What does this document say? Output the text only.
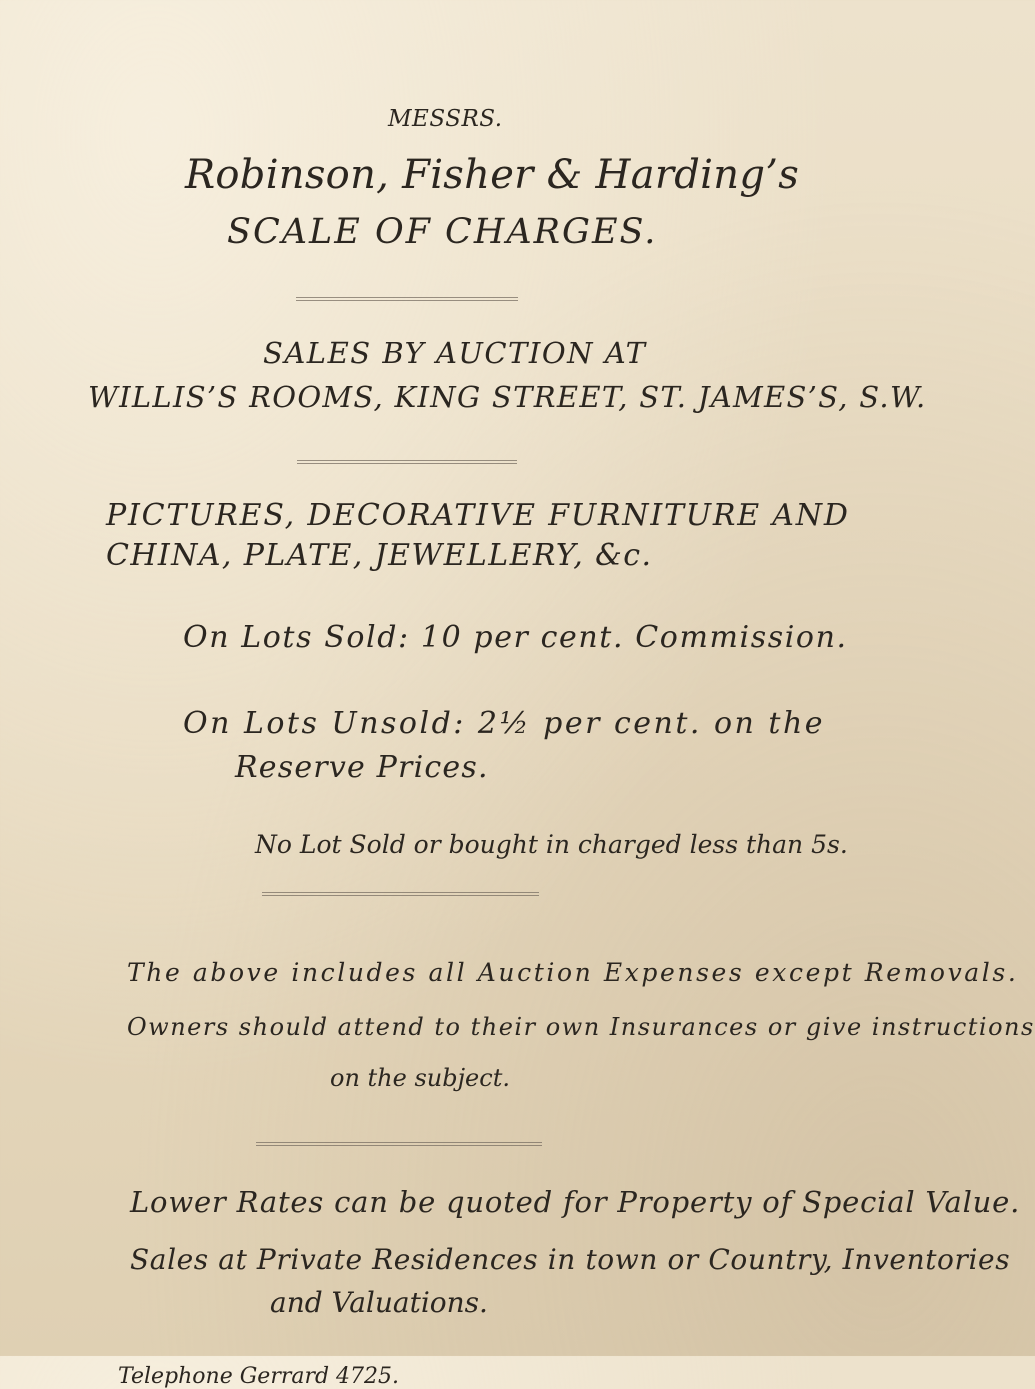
MESSRS.

Robinson, Fisher & Harding’s

SCALE OF CHARGES.

SALES BY AUCTION AT

WILLIS’S ROOMS, KING STREET, ST. JAMES’S, S.W.

PICTURES, DECORATIVE FURNITURE AND

CHINA, PLATE, JEWELLERY, &c.

On Lots Sold: 10 per cent. Commission.

On Lots Unsold: 2½ per cent. on the

Reserve Prices.

No Lot Sold or bought in charged less than 5s.

The above includes all Auction Expenses except Removals.

Owners should attend to their own Insurances or give instructions

on the subject.

Lower Rates can be quoted for Property of Special Value.

Sales at Private Residences in town or Country, Inventories

and Valuations.

Telephone Gerrard 4725.
